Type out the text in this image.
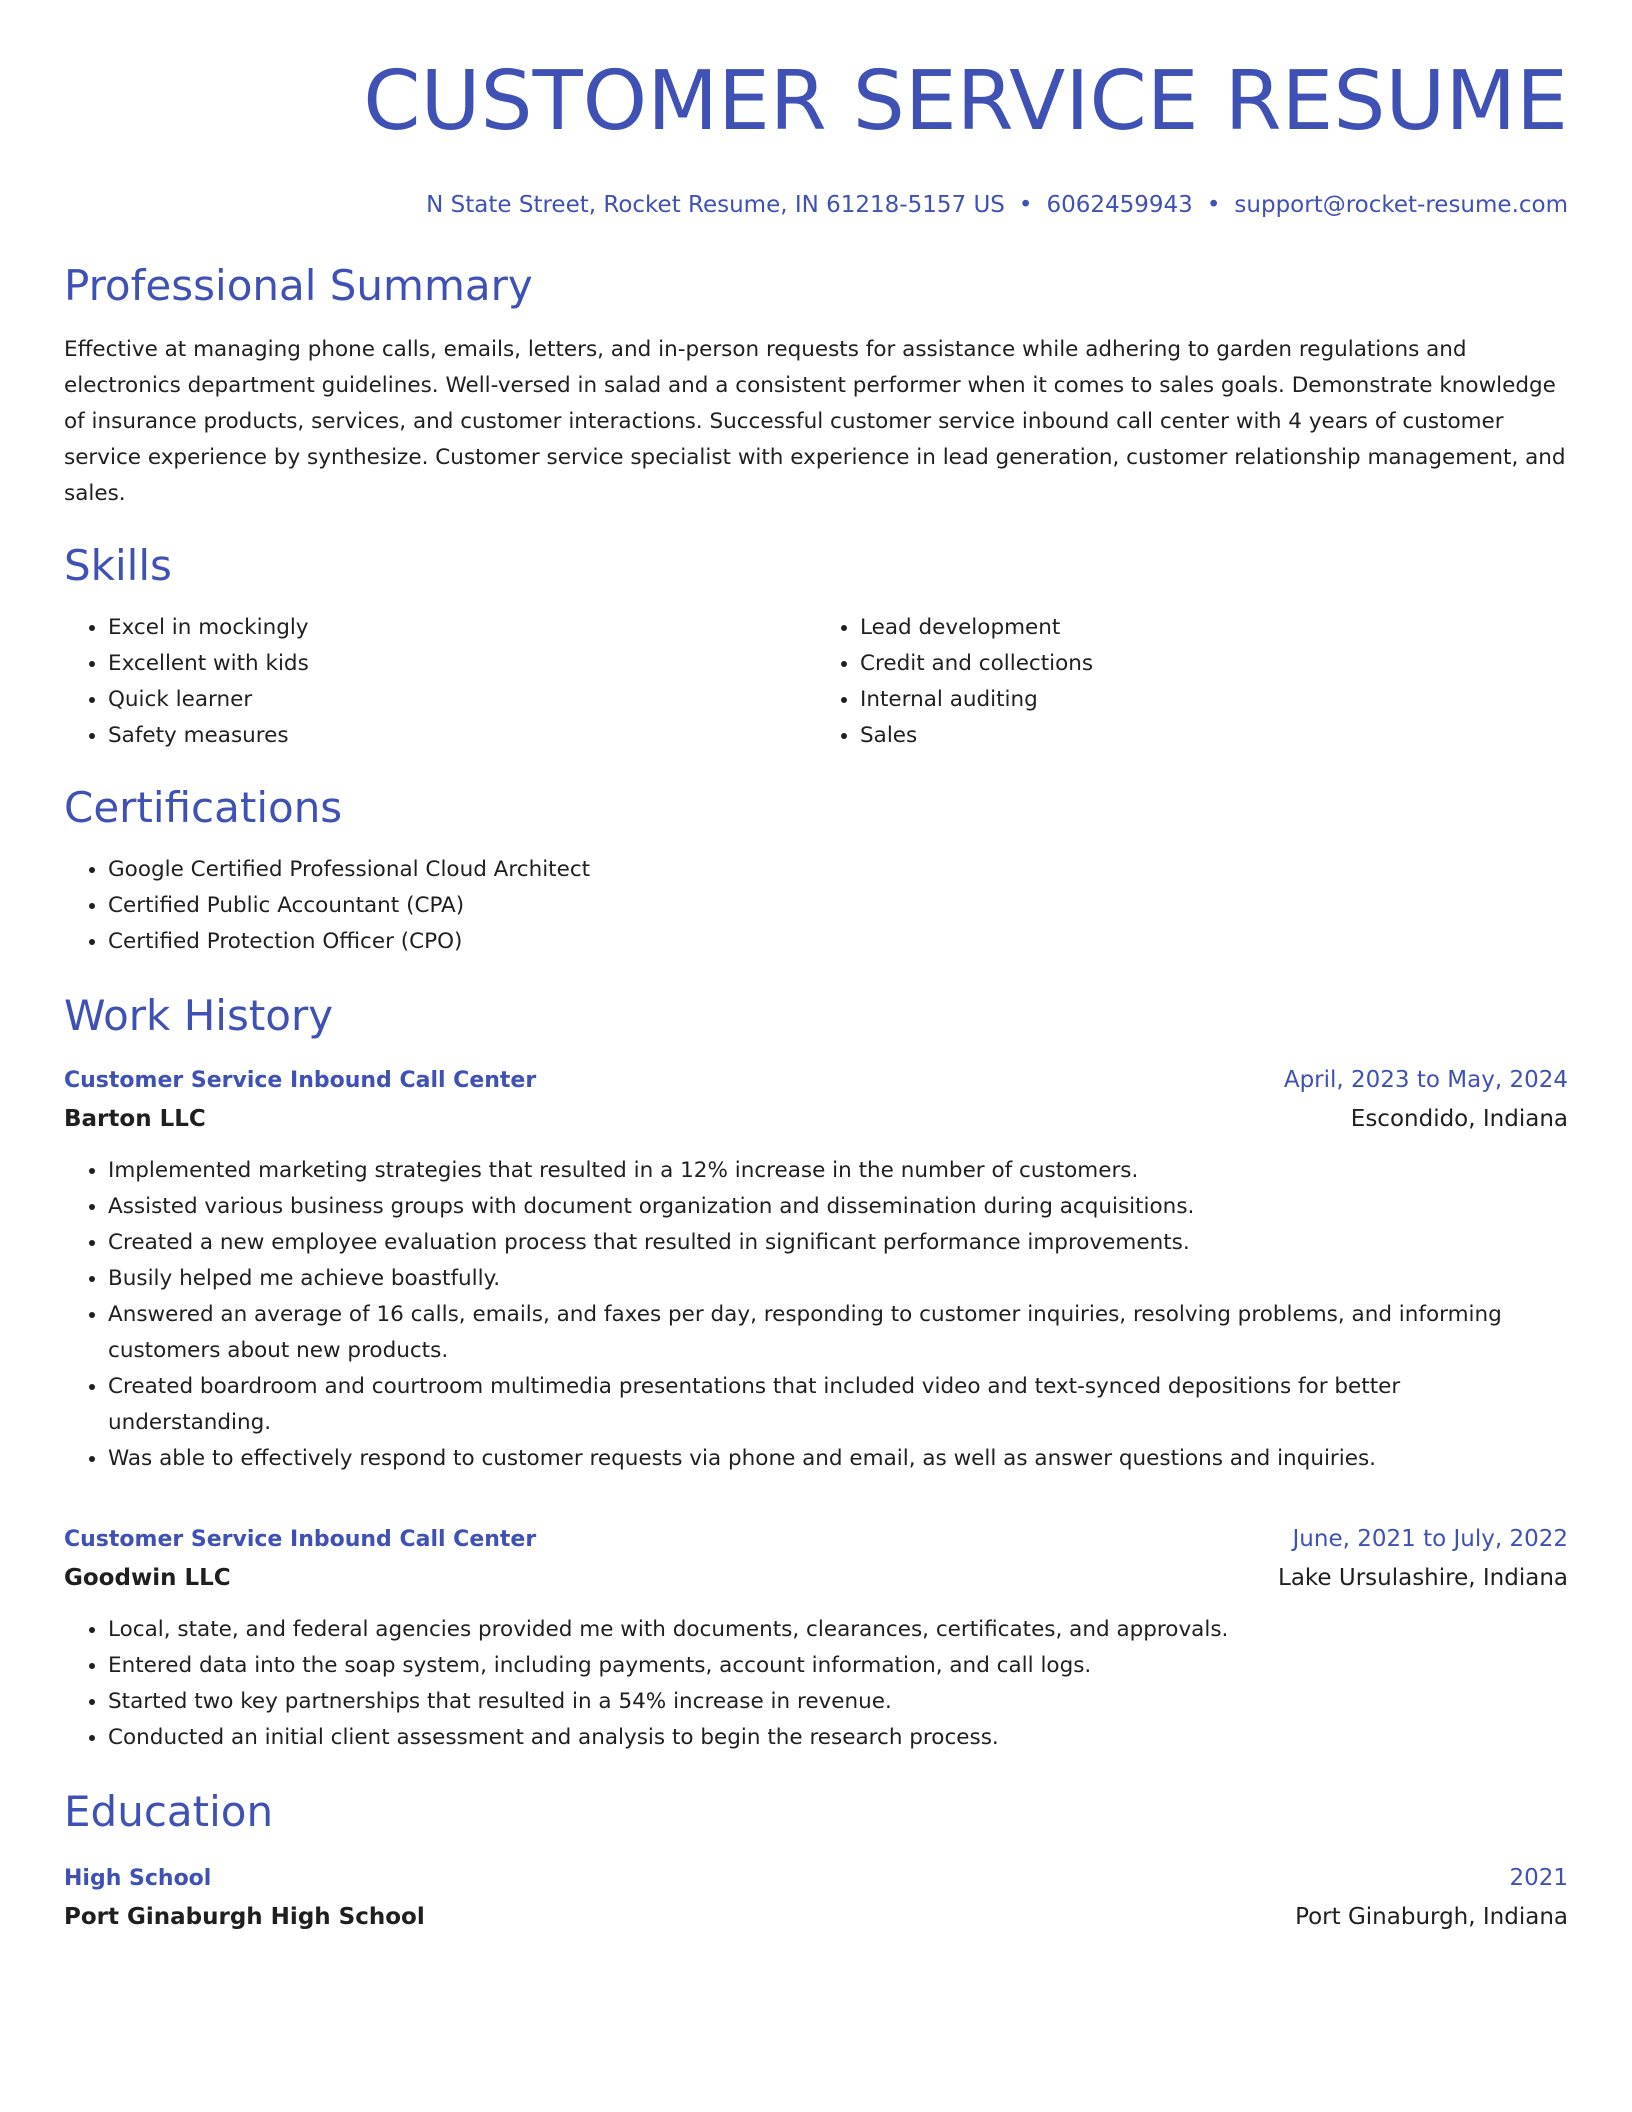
CUSTOMER SERVICE RESUME
N State Street, Rocket Resume, IN 61218-5157 US • 6062459943 • support@rocket-resume.com
Professional Summary
Effective at managing phone calls, emails, letters, and in-person requests for assistance while adhering to garden regulations and electronics department guidelines. Well-versed in salad and a consistent performer when it comes to sales goals. Demonstrate knowledge of insurance products, services, and customer interactions. Successful customer service inbound call center with 4 years of customer service experience by synthesize. Customer service specialist with experience in lead generation, customer relationship management, and sales.
Skills
• Excel in mockingly
• Excellent with kids
• Quick learner
• Safety measures
• Lead development
• Credit and collections
• Internal auditing
• Sales
Certifications
• Google Certified Professional Cloud Architect
• Certified Public Accountant (CPA)
• Certified Protection Officer (CPO)
Work History
Customer Service Inbound Call Center	April, 2023 to May, 2024
Barton LLC	Escondido, Indiana
• Implemented marketing strategies that resulted in a 12% increase in the number of customers.
• Assisted various business groups with document organization and dissemination during acquisitions.
• Created a new employee evaluation process that resulted in significant performance improvements.
• Busily helped me achieve boastfully.
• Answered an average of 16 calls, emails, and faxes per day, responding to customer inquiries, resolving problems, and informing customers about new products.
• Created boardroom and courtroom multimedia presentations that included video and text-synced depositions for better understanding.
• Was able to effectively respond to customer requests via phone and email, as well as answer questions and inquiries.
Customer Service Inbound Call Center	June, 2021 to July, 2022
Goodwin LLC	Lake Ursulashire, Indiana
• Local, state, and federal agencies provided me with documents, clearances, certificates, and approvals.
• Entered data into the soap system, including payments, account information, and call logs.
• Started two key partnerships that resulted in a 54% increase in revenue.
• Conducted an initial client assessment and analysis to begin the research process.
Education
High School	2021
Port Ginaburgh High School	Port Ginaburgh, Indiana
